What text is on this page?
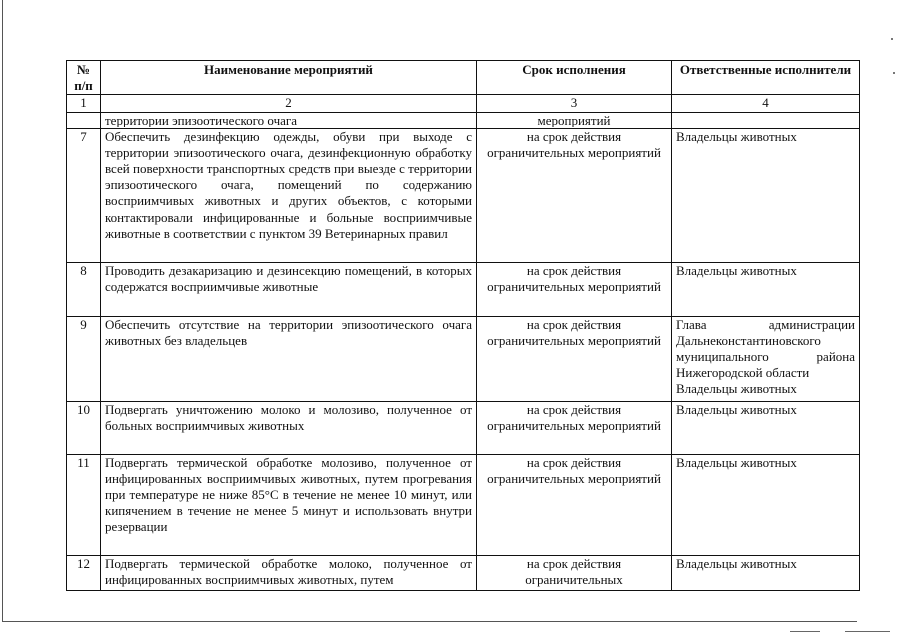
№ п/п	Наименование мероприятий	Срок исполнения	Ответственные исполнители
1	2	3	4

	территории эпизоотического очага	мероприятий	

7	Обеспечить дезинфекцию одежды, обуви при выходе с территории эпизоотического очага, дезинфекционную обработку всей поверхности транспортных средств при выезде с территории эпизоотического очага, помещений по содержанию восприимчивых животных и других объектов, с которыми контактировали инфицированные и больные восприимчивые животные в соответствии с пунктом 39 Ветеринарных правил	на срок действия ограничительных мероприятий	Владельцы животных
8	Проводить дезакаризацию и дезинсекцию помещений, в которых содержатся восприимчивые животные	на срок действия ограничительных мероприятий	Владельцы животных
9	Обеспечить отсутствие на территории эпизоотического очага животных без владельцев	на срок действия ограничительных мероприятий	Глава администрации
Дальнеконстантиновского
муниципального района
Нижегородской области
Владельцы животных

10	Подвергать уничтожению молоко и молозиво, полученное от больных восприимчивых животных	на срок действия ограничительных мероприятий	Владельцы животных
11	Подвергать термической обработке молозиво, полученное от инфицированных восприимчивых животных, путем прогревания при температуре не ниже 85°С в течение не менее 10 минут, или кипячением в течение не менее 5 минут и использовать внутри резервации	на срок действия ограничительных мероприятий	Владельцы животных
12	Подвергать термической обработке молоко, полученное от инфицированных восприимчивых животных, путем	на срок действия ограничительных	Владельцы животных
